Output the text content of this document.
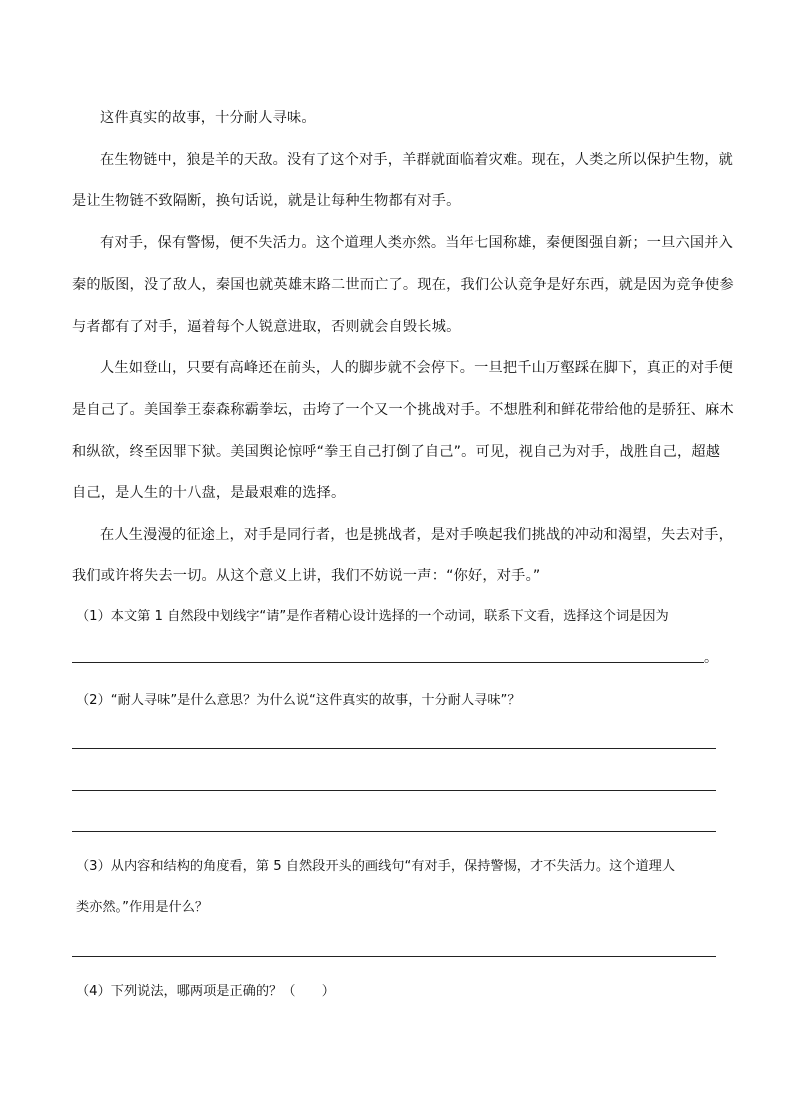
这件真实的故事，十分耐人寻味。
在生物链中，狼是羊的天敌。没有了这个对手，羊群就面临着灾难。现在，人类之所以保护生物，就
是让生物链不致隔断，换句话说，就是让每种生物都有对手。
有对手，保有警惕，便不失活力。这个道理人类亦然。当年七国称雄，秦便图强自新；一旦六国并入
秦的版图，没了敌人，秦国也就英雄末路二世而亡了。现在，我们公认竞争是好东西，就是因为竞争使参
与者都有了对手，逼着每个人锐意进取，否则就会自毁长城。
人生如登山，只要有高峰还在前头，人的脚步就不会停下。一旦把千山万壑踩在脚下，真正的对手便
是自己了。美国拳王泰森称霸拳坛，击垮了一个又一个挑战对手。不想胜利和鲜花带给他的是骄狂、麻木
和纵欲，终至因罪下狱。美国舆论惊呼“拳王自己打倒了自己”。可见，视自己为对手，战胜自己，超越
自己，是人生的十八盘，是最艰难的选择。
在人生漫漫的征途上，对手是同行者，也是挑战者，是对手唤起我们挑战的冲动和渴望，失去对手，
我们或许将失去一切。从这个意义上讲，我们不妨说一声：“你好，对手。”
（1）本文第 1 自然段中划线字“请”是作者精心设计选择的一个动词，联系下文看，选择这个词是因为
。
（2）“耐人寻味”是什么意思？为什么说“这件真实的故事，十分耐人寻味”？
（3）从内容和结构的角度看，第 5 自然段开头的画线句“有对手，保持警惕，才不失活力。这个道理人
类亦然。”作用是什么？
（4）下列说法，哪两项是正确的？（　　）
